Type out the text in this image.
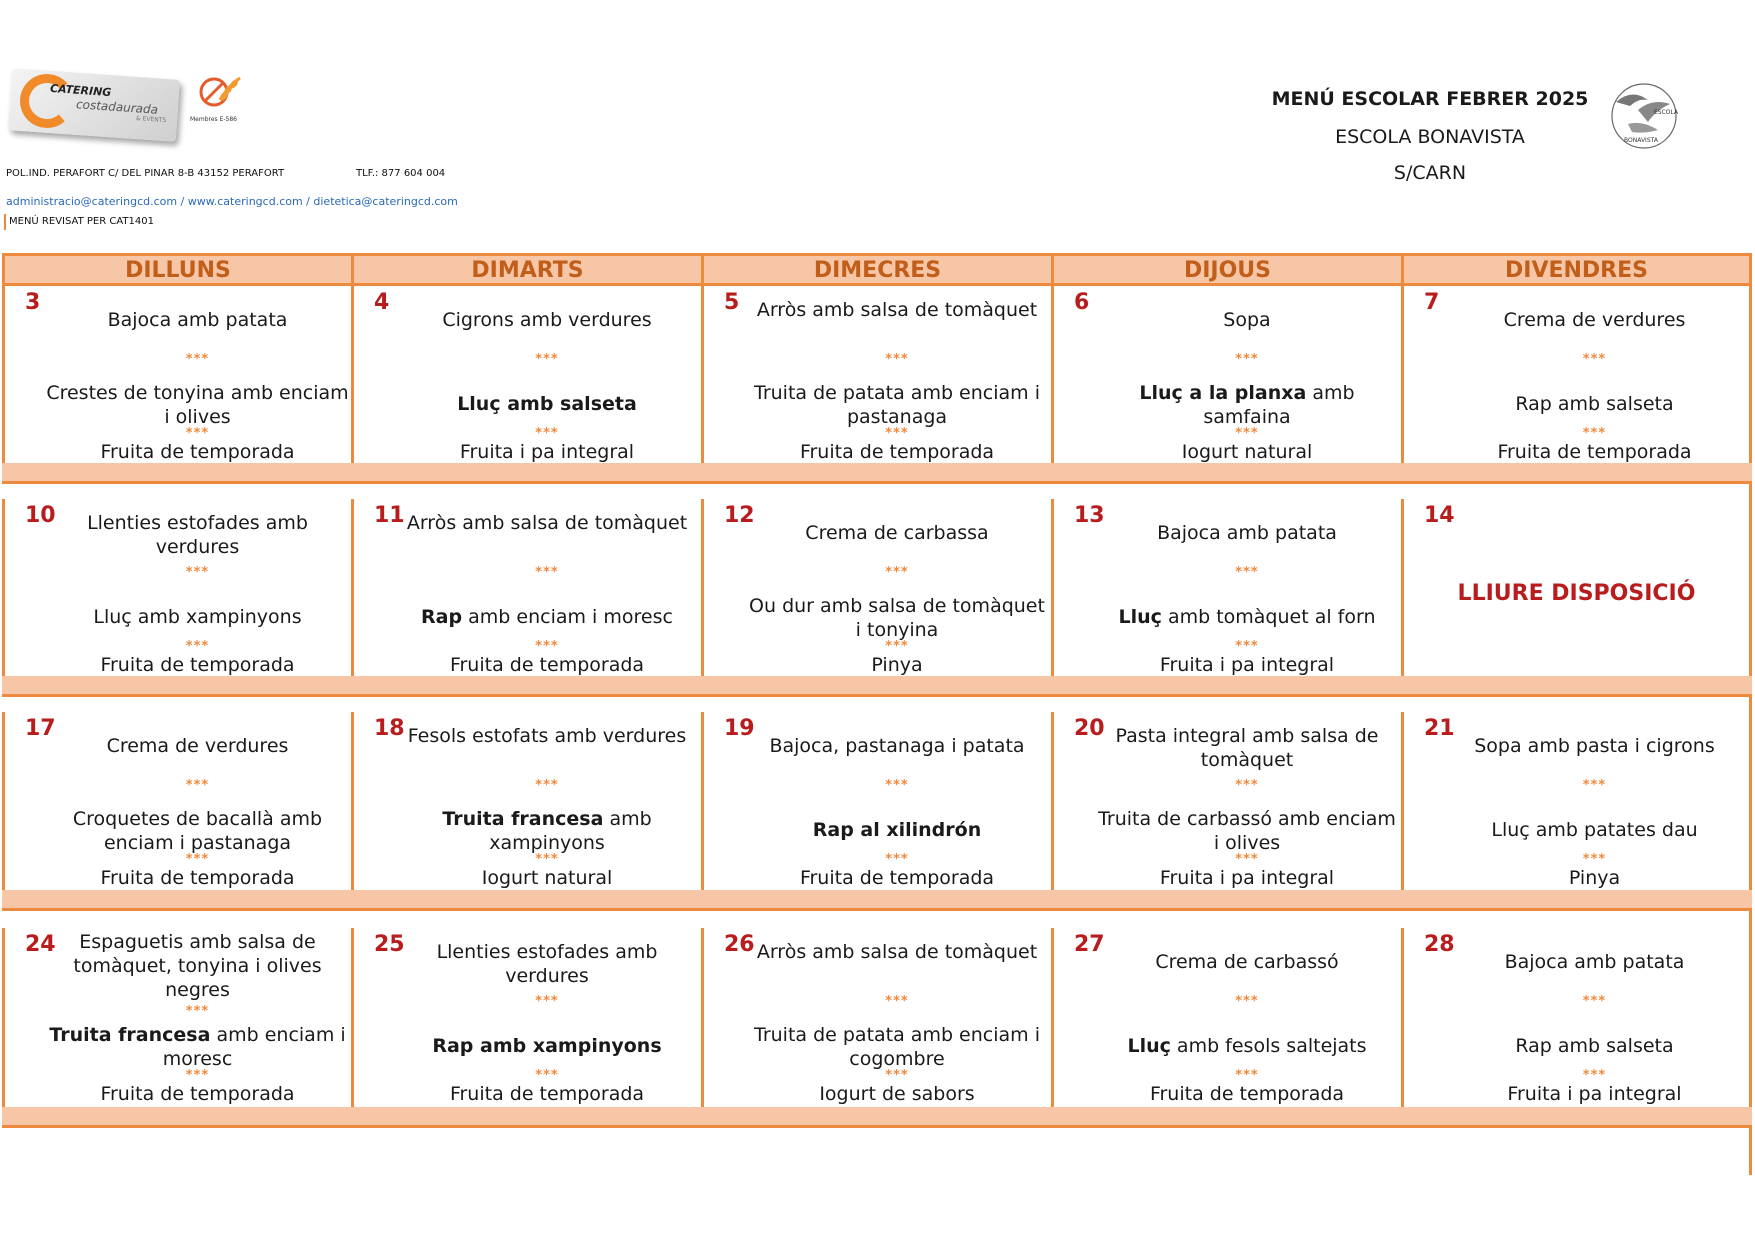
CATERING
costadaurada
& EVENTS	Membres E-586
POL.IND. PERAFORT C/ DEL PINAR 8-B 43152 PERAFORT	TLF.: 877 604 004
administracio@cateringcd.com / www.cateringcd.com / dietetica@cateringcd.com
MENÚ REVISAT PER CAT1401
MENÚ ESCOLAR FEBRER 2025
ESCOLA BONAVISTA
S/CARN
ESCOLA
BONAVISTA
DILLUNS	DIMARTS	DIMECRES	DIJOUS	DIVENDRES
3
Bajoca amb patata
***
Crestes de tonyina amb enciam i olives
***
Fruita de temporada
4
Cigrons amb verdures
***
Lluç amb salseta
***
Fruita i pa integral
5 Arròs amb salsa de tomàquet
***
Truita de patata amb enciam i pastanaga
***
Fruita de temporada
6
Sopa
***
Lluç a la planxa amb samfaina
***
Iogurt natural
7
Crema de verdures
***
Rap amb salseta
***
Fruita de temporada
10	Llenties estofades amb verdures
***
Lluç amb xampinyons
***
Fruita de temporada
11 Arròs amb salsa de tomàquet
***
Rap amb enciam i moresc
***
Fruita de temporada
12
Crema de carbassa
***
Ou dur amb salsa de tomàquet i tonyina
***
Pinya
13
Bajoca amb patata
***
Lluç amb tomàquet al forn
***
Fruita i pa integral
14
LLIURE DISPOSICIÓ
17
Crema de verdures
***
Croquetes de bacallà amb enciam i pastanaga
***
Fruita de temporada
18 Fesols estofats amb verdures
***
Truita francesa amb xampinyons
***
Iogurt natural
19
Bajoca, pastanaga i patata
***
Rap al xilindrón
***
Fruita de temporada
20 Pasta integral amb salsa de tomàquet
***
Truita de carbassó amb enciam i olives
***
Fruita i pa integral
21
Sopa amb pasta i cigrons
***
Lluç amb patates dau
***
Pinya
24	Espaguetis amb salsa de tomàquet, tonyina i olives negres
***
Truita francesa amb enciam i moresc
***
Fruita de temporada
25	Llenties estofades amb verdures
***
Rap amb xampinyons
***
Fruita de temporada
26 Arròs amb salsa de tomàquet
***
Truita de patata amb enciam i cogombre
***
Iogurt de sabors
27
Crema de carbassó
***
Lluç amb fesols saltejats
***
Fruita de temporada
28
Bajoca amb patata
***
Rap amb salseta
***
Fruita i pa integral
